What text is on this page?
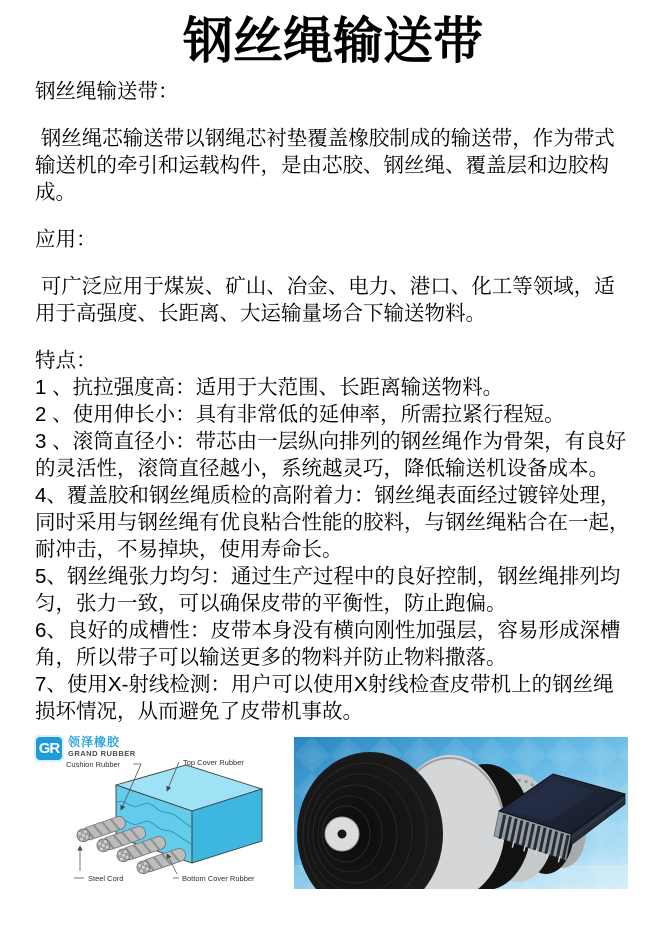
钢丝绳输送带

钢丝绳输送带：

钢丝绳芯输送带以钢绳芯衬垫覆盖橡胶制成的输送带，作为带式输送机的牵引和运载构件，是由芯胶、钢丝绳、覆盖层和边胶构成。

应用：

可广泛应用于煤炭、矿山、冶金、电力、港口、化工等领域，适用于高强度、长距离、大运输量场合下输送物料。

特点：

1 、抗拉强度高：适用于大范围、长距离输送物料。

2 、使用伸长小：具有非常低的延伸率，所需拉紧行程短。

3 、滚筒直径小：带芯由一层纵向排列的钢丝绳作为骨架，有良好的灵活性，滚筒直径越小，系统越灵巧，降低输送机设备成本。

4、覆盖胶和钢丝绳质检的高附着力：钢丝绳表面经过镀锌处理，同时采用与钢丝绳有优良粘合性能的胶料，与钢丝绳粘合在一起，耐冲击，不易掉块，使用寿命长。

5、钢丝绳张力均匀：通过生产过程中的良好控制，钢丝绳排列均匀，张力一致，可以确保皮带的平衡性，防止跑偏。

6、良好的成槽性：皮带本身没有横向刚性加强层，容易形成深槽角，所以带子可以输送更多的物料并防止物料撒落。

7、使用X-射线检测：用户可以使用X射线检查皮带机上的钢丝绳损坏情况，从而避免了皮带机事故。

GR 领泽橡胶
GRAND RUBBER
Cushion Rubber	Top Cover Rubber
Steel Cord	Bottom Cover Rubber
